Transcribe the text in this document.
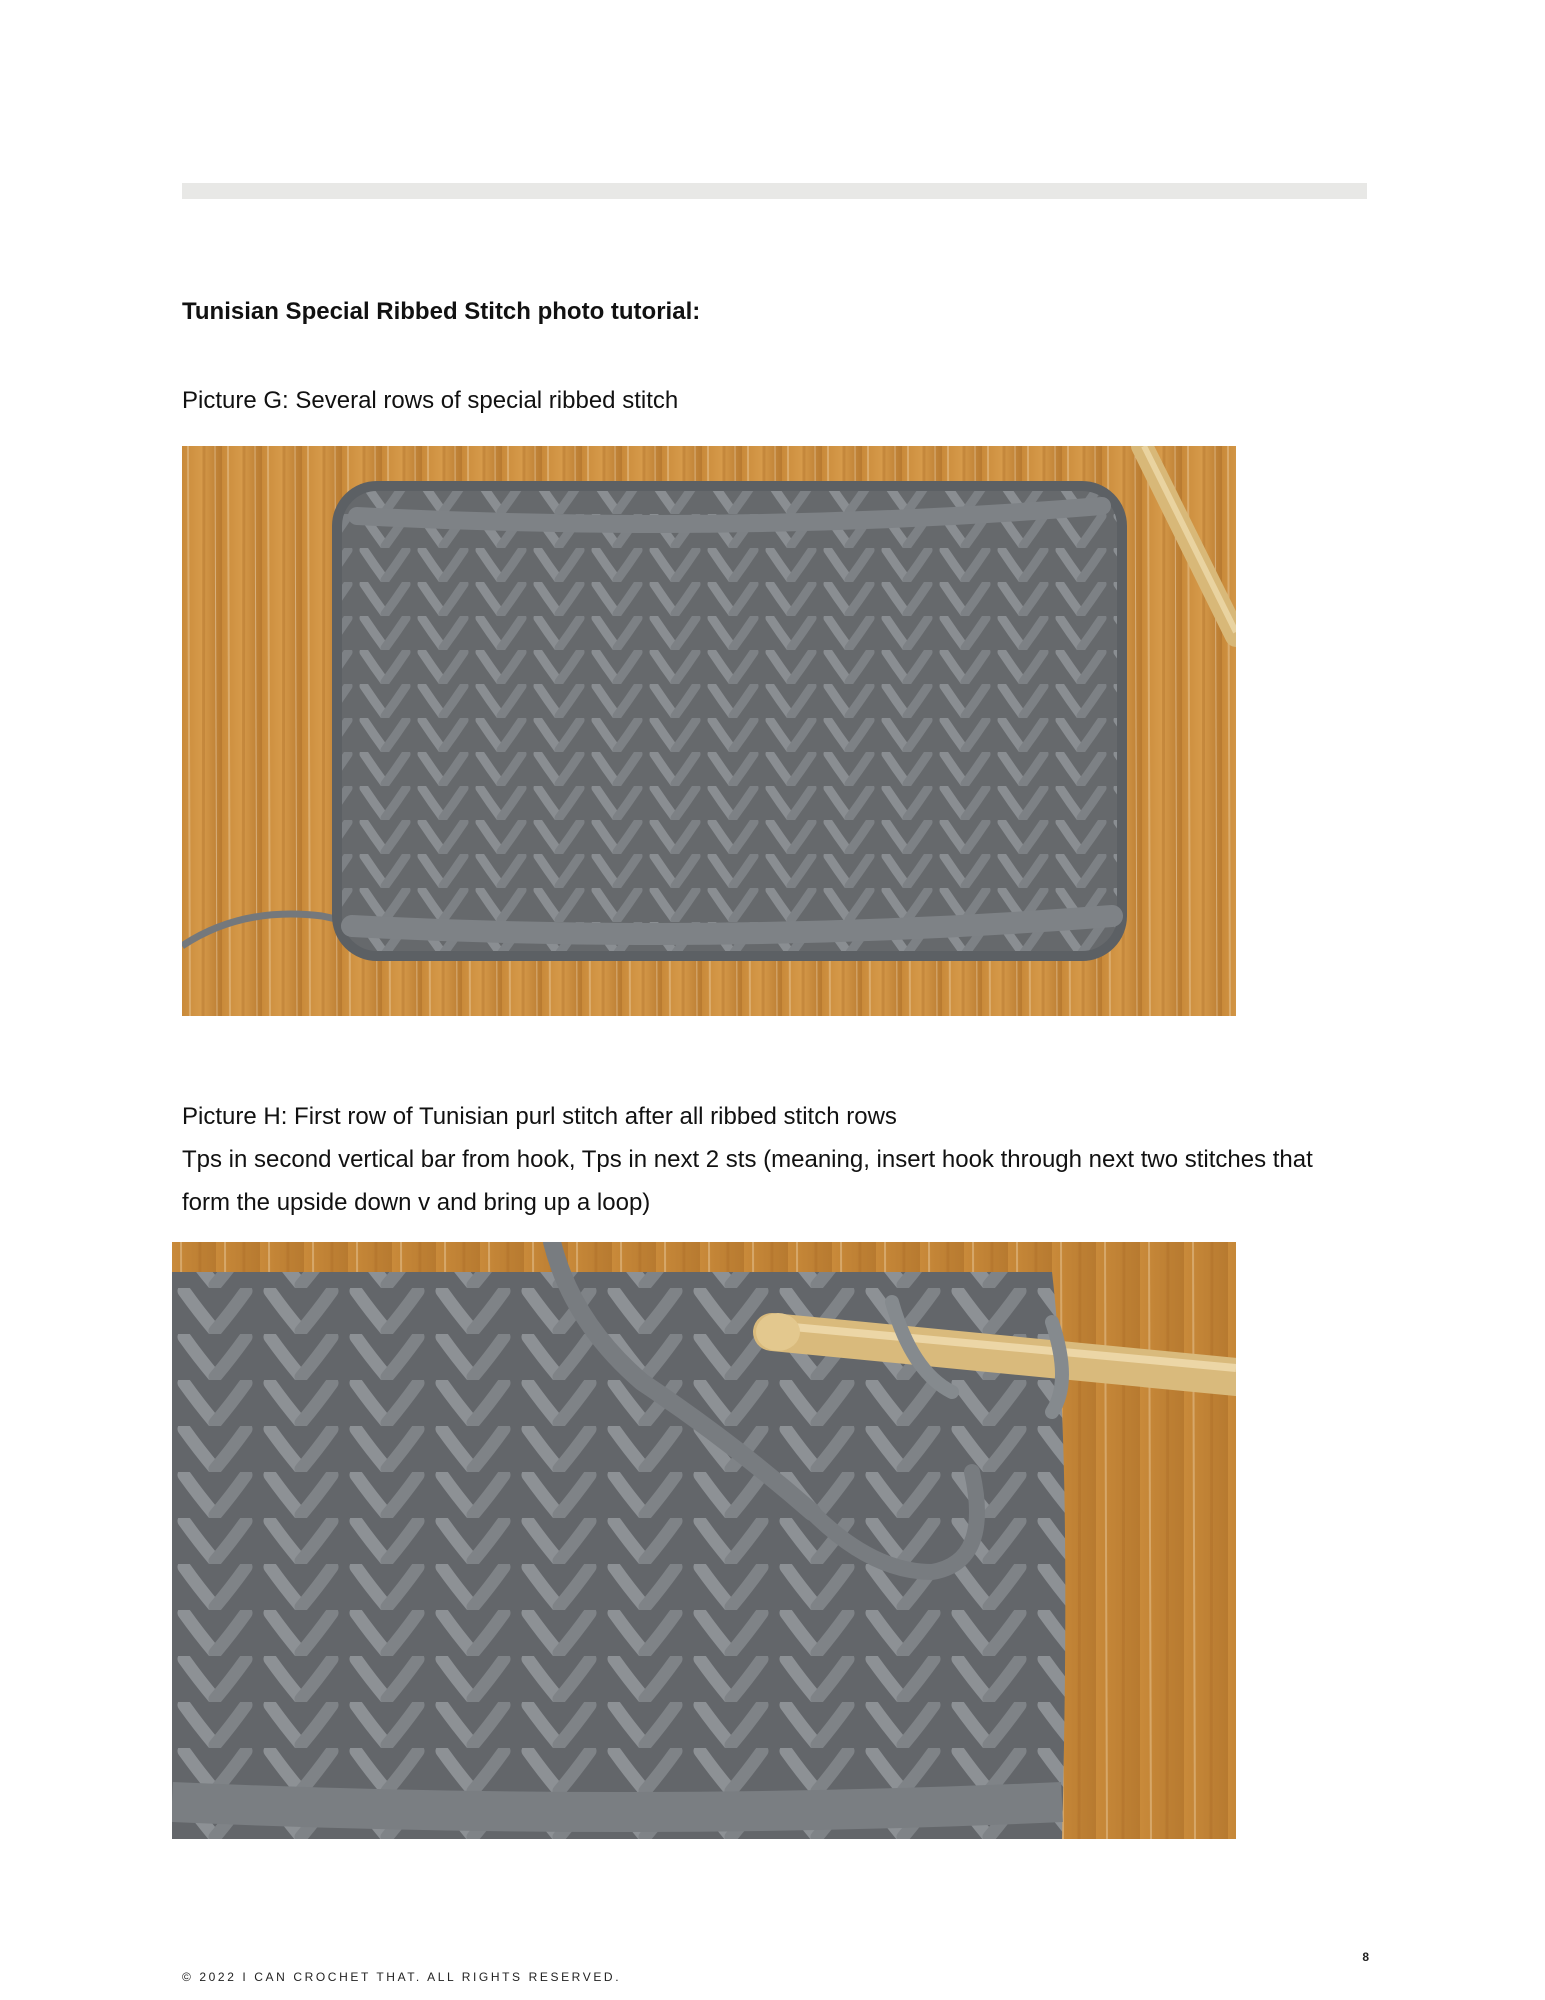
Tunisian Special Ribbed Stitch photo tutorial:
Picture G: Several rows of special ribbed stitch
Picture H: First row of Tunisian purl stitch after all ribbed stitch rows
Tps in second vertical bar from hook, Tps in next 2 sts (meaning, insert hook through next two stitches that
form the upside down v and bring up a loop)
8
© 2022 I CAN CROCHET THAT. ALL RIGHTS RESERVED.
